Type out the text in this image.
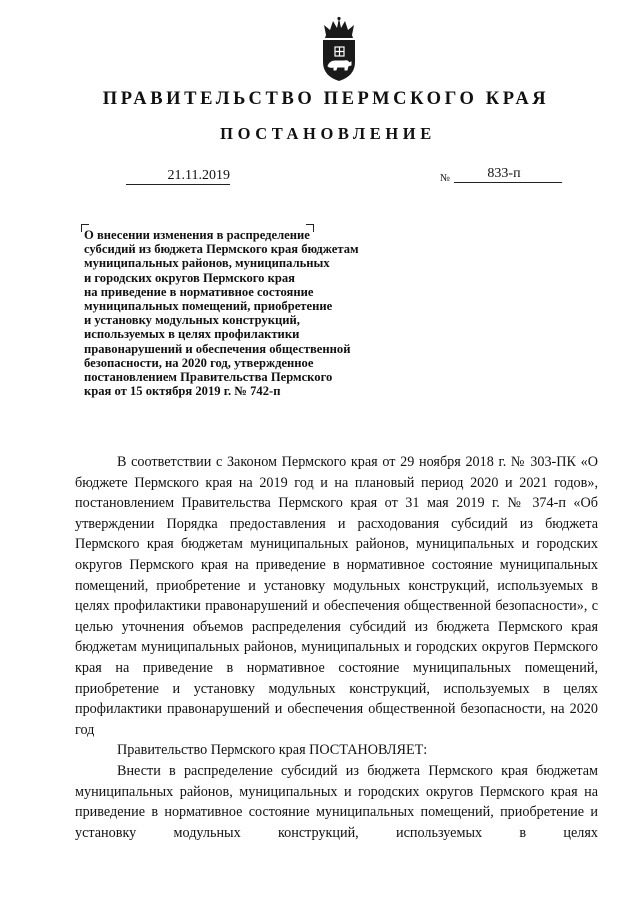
ПРАВИТЕЛЬСТВО ПЕРМСКОГО КРАЯ
ПОСТАНОВЛЕНИЕ
21.11.2019	№	833-п

О внесении изменения в распределение
субсидий из бюджета Пермского края бюджетам
муниципальных районов, муниципальных
и городских округов Пермского края
на приведение в нормативное состояние
муниципальных помещений, приобретение
и установку модульных конструкций,
используемых в целях профилактики
правонарушений и обеспечения общественной
безопасности, на 2020 год, утвержденное
постановлением Правительства Пермского
края от 15 октября 2019 г. № 742-п

В соответствии с Законом Пермского края от 29 ноября 2018 г. № 303-ПК «О бюджете Пермского края на 2019 год и на плановый период 2020 и 2021 годов», постановлением Правительства Пермского края от 31 мая 2019 г. № 374-п «Об утверждении Порядка предоставления и расходования субсидий из бюджета Пермского края бюджетам муниципальных районов, муниципальных и городских округов Пермского края на приведение в нормативное состояние муниципальных помещений, приобретение и установку модульных конструкций, используемых в целях профилактики правонарушений и обеспечения общественной безопасности», с целью уточнения объемов распределения субсидий из бюджета Пермского края бюджетам муниципальных районов, муниципальных и городских округов Пермского края на приведение в нормативное состояние муниципальных помещений, приобретение и установку модульных конструкций, используемых в целях профилактики правонарушений и обеспечения общественной безопасности, на 2020 год

Правительство Пермского края ПОСТАНОВЛЯЕТ:

Внести в распределение субсидий из бюджета Пермского края бюджетам муниципальных районов, муниципальных и городских округов Пермского края на приведение в нормативное состояние муниципальных помещений, приобретение и установку модульных конструкций, используемых в целях
